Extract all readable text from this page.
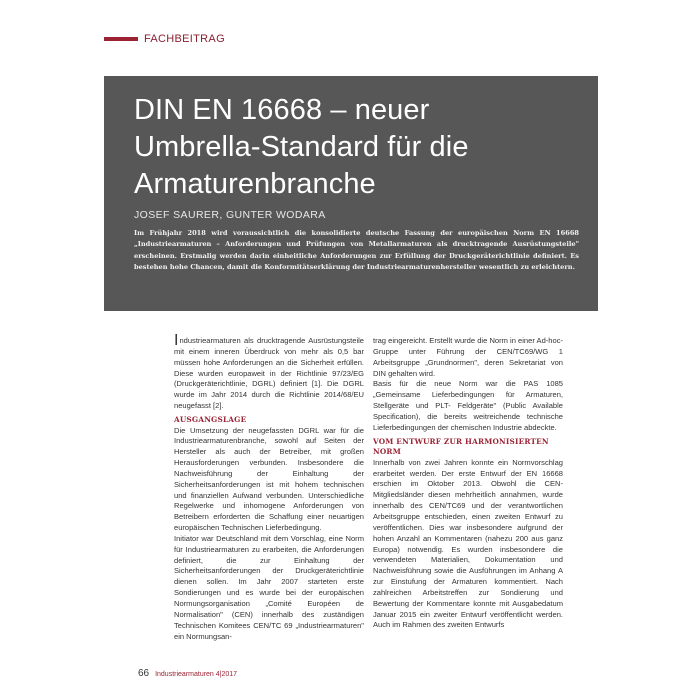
FACHBEITRAG
DIN EN 16668 – neuer
Umbrella-Standard für die
Armaturenbranche
JOSEF SAURER, GUNTER WODARA

Im Frühjahr 2018 wird voraussichtlich die konsolidierte deutsche Fassung der europäischen Norm EN 16668 „Industriearmaturen – Anforderungen und Prüfungen von Metallarmaturen als drucktragende Ausrüstungsteile" erscheinen. Erstmalig werden darin einheitliche Anforderungen zur Erfüllung der Druckgeräterichtlinie definiert. Es bestehen hohe Chancen, damit die Konformitätserklärung der Industriearmaturenhersteller wesentlich zu erleichtern.

Industriearmaturen als drucktragende Ausrüstungsteile mit einem inneren Überdruck von mehr als 0,5 bar müssen hohe Anforderungen an die Sicherheit erfüllen. Diese wurden europaweit in der Richtlinie 97/23/EG (Druckgeräterichtlinie, DGRL) definiert [1]. Die DGRL wurde im Jahr 2014 durch die Richtlinie 2014/68/EU neugefasst [2].

AUSGANGSLAGE

Die Umsetzung der neugefassten DGRL war für die Industriearmaturenbranche, sowohl auf Seiten der Hersteller als auch der Betreiber, mit großen Herausforderungen verbunden. Insbesondere die Nachweisführung der Einhaltung der Sicherheitsanforderungen ist mit hohem technischen und finanziellen Aufwand verbunden. Unterschiedliche Regelwerke und inhomogene Anforderungen von Betreibern erforderten die Schaffung einer neuartigen europäischen Technischen Lieferbedingung.

Initiator war Deutschland mit dem Vorschlag, eine Norm für Industriearmaturen zu erarbeiten, die Anforderungen definiert, die zur Einhaltung der Sicherheitsanforderungen der Druckgeräterichtlinie dienen sollen. Im Jahr 2007 starteten erste Sondierungen und es wurde bei der europäischen Normungsorganisation „Comité Européen de Normalisation" (CEN) innerhalb des zuständigen Technischen Komitees CEN/TC 69 „Industriearmaturen" ein Normungsan-

trag eingereicht. Erstellt wurde die Norm in einer Ad-hoc-Gruppe unter Führung der CEN/TC69/WG 1 Arbeitsgruppe „Grundnormen", deren Sekretariat von DIN gehalten wird.

Basis für die neue Norm war die PAS 1085 „Gemeinsame Lieferbedingungen für Armaturen, Stellgeräte und PLT- Feldgeräte" (Public Available Specification), die bereits weitreichende technische Lieferbedingungen der chemischen Industrie abdeckte.

VOM ENTWURF ZUR HARMONISIERTEN NORM

Innerhalb von zwei Jahren konnte ein Normvorschlag erarbeitet werden. Der erste Entwurf der EN 16668 erschien im Oktober 2013. Obwohl die CEN-Mitgliedsländer diesen mehrheitlich annahmen, wurde innerhalb des CEN/TC69 und der verantwortlichen Arbeitsgruppe entschieden, einen zweiten Entwurf zu veröffentlichen. Dies war insbesondere aufgrund der hohen Anzahl an Kommentaren (nahezu 200 aus ganz Europa) notwendig. Es wurden insbesondere die verwendeten Materialien, Dokumentation und Nachweisführung sowie die Ausführungen im Anhang A zur Einstufung der Armaturen kommentiert. Nach zahlreichen Arbeitstreffen zur Sondierung und Bewertung der Kommentare konnte mit Ausgabedatum Januar 2015 ein zweiter Entwurf veröffentlicht werden. Auch im Rahmen des zweiten Entwurfs

66 Industriearmaturen 4|2017
